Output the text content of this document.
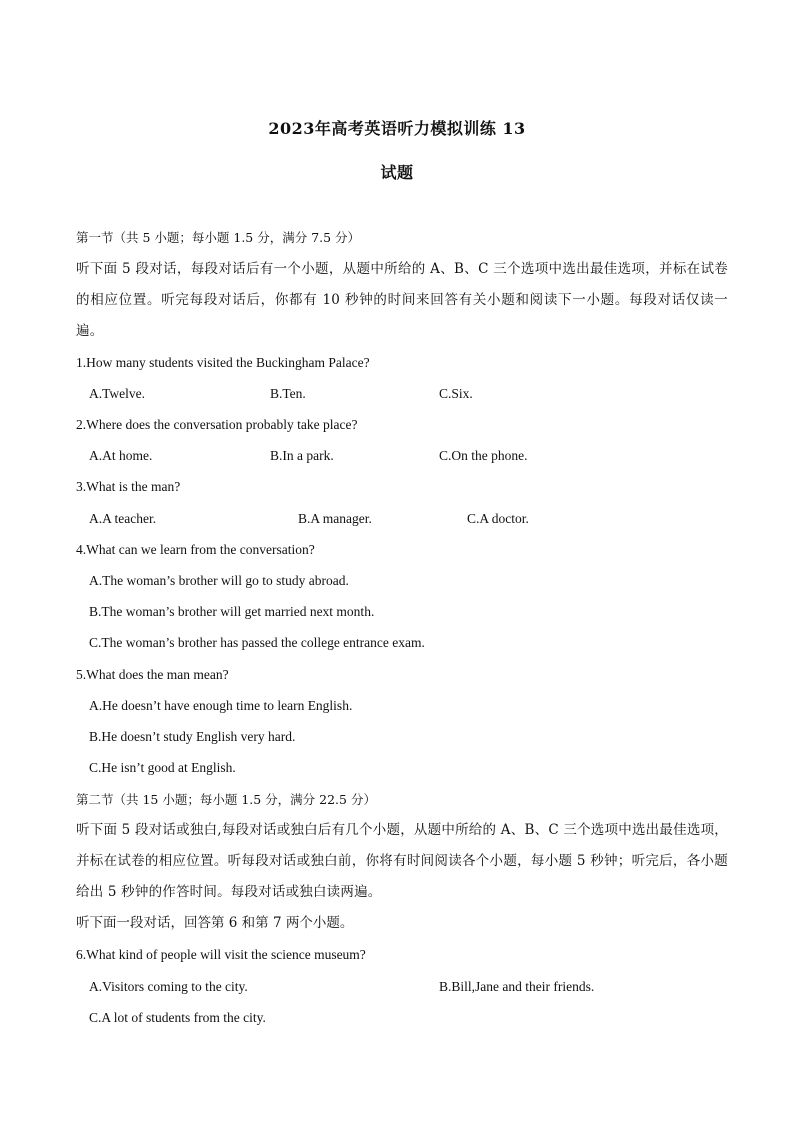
2023年高考英语听力模拟训练 13
试题
第一节（共 5 小题；每小题 1.5 分，满分 7.5 分）
听下面 5 段对话，每段对话后有一个小题，从题中所给的 A、B、C 三个选项中选出最佳选项，并标在试卷的相应位置。听完每段对话后，你都有 10 秒钟的时间来回答有关小题和阅读下一小题。每段对话仅读一遍。
1.How many students visited the Buckingham Palace?
A.Twelve.	B.Ten.	C.Six.
2.Where does the conversation probably take place?
A.At home.	B.In a park.	C.On the phone.
3.What is the man?
A.A teacher.	B.A manager.	C.A doctor.
4.What can we learn from the conversation?
A.The woman’s brother will go to study abroad.
B.The woman’s brother will get married next month.
C.The woman’s brother has passed the college entrance exam.
5.What does the man mean?
A.He doesn’t have enough time to learn English.
B.He doesn’t study English very hard.
C.He isn’t good at English.
第二节（共 15 小题；每小题 1.5 分，满分 22.5 分）
听下面 5 段对话或独白,每段对话或独白后有几个小题，从题中所给的 A、B、C 三个选项中选出最佳选项，并标在试卷的相应位置。听每段对话或独白前，你将有时间阅读各个小题，每小题 5 秒钟；听完后，各小题给出 5 秒钟的作答时间。每段对话或独白读两遍。
听下面一段对话，回答第 6 和第 7 两个小题。
6.What kind of people will visit the science museum?
A.Visitors coming to the city.	B.Bill,Jane and their friends.
C.A lot of students from the city.
